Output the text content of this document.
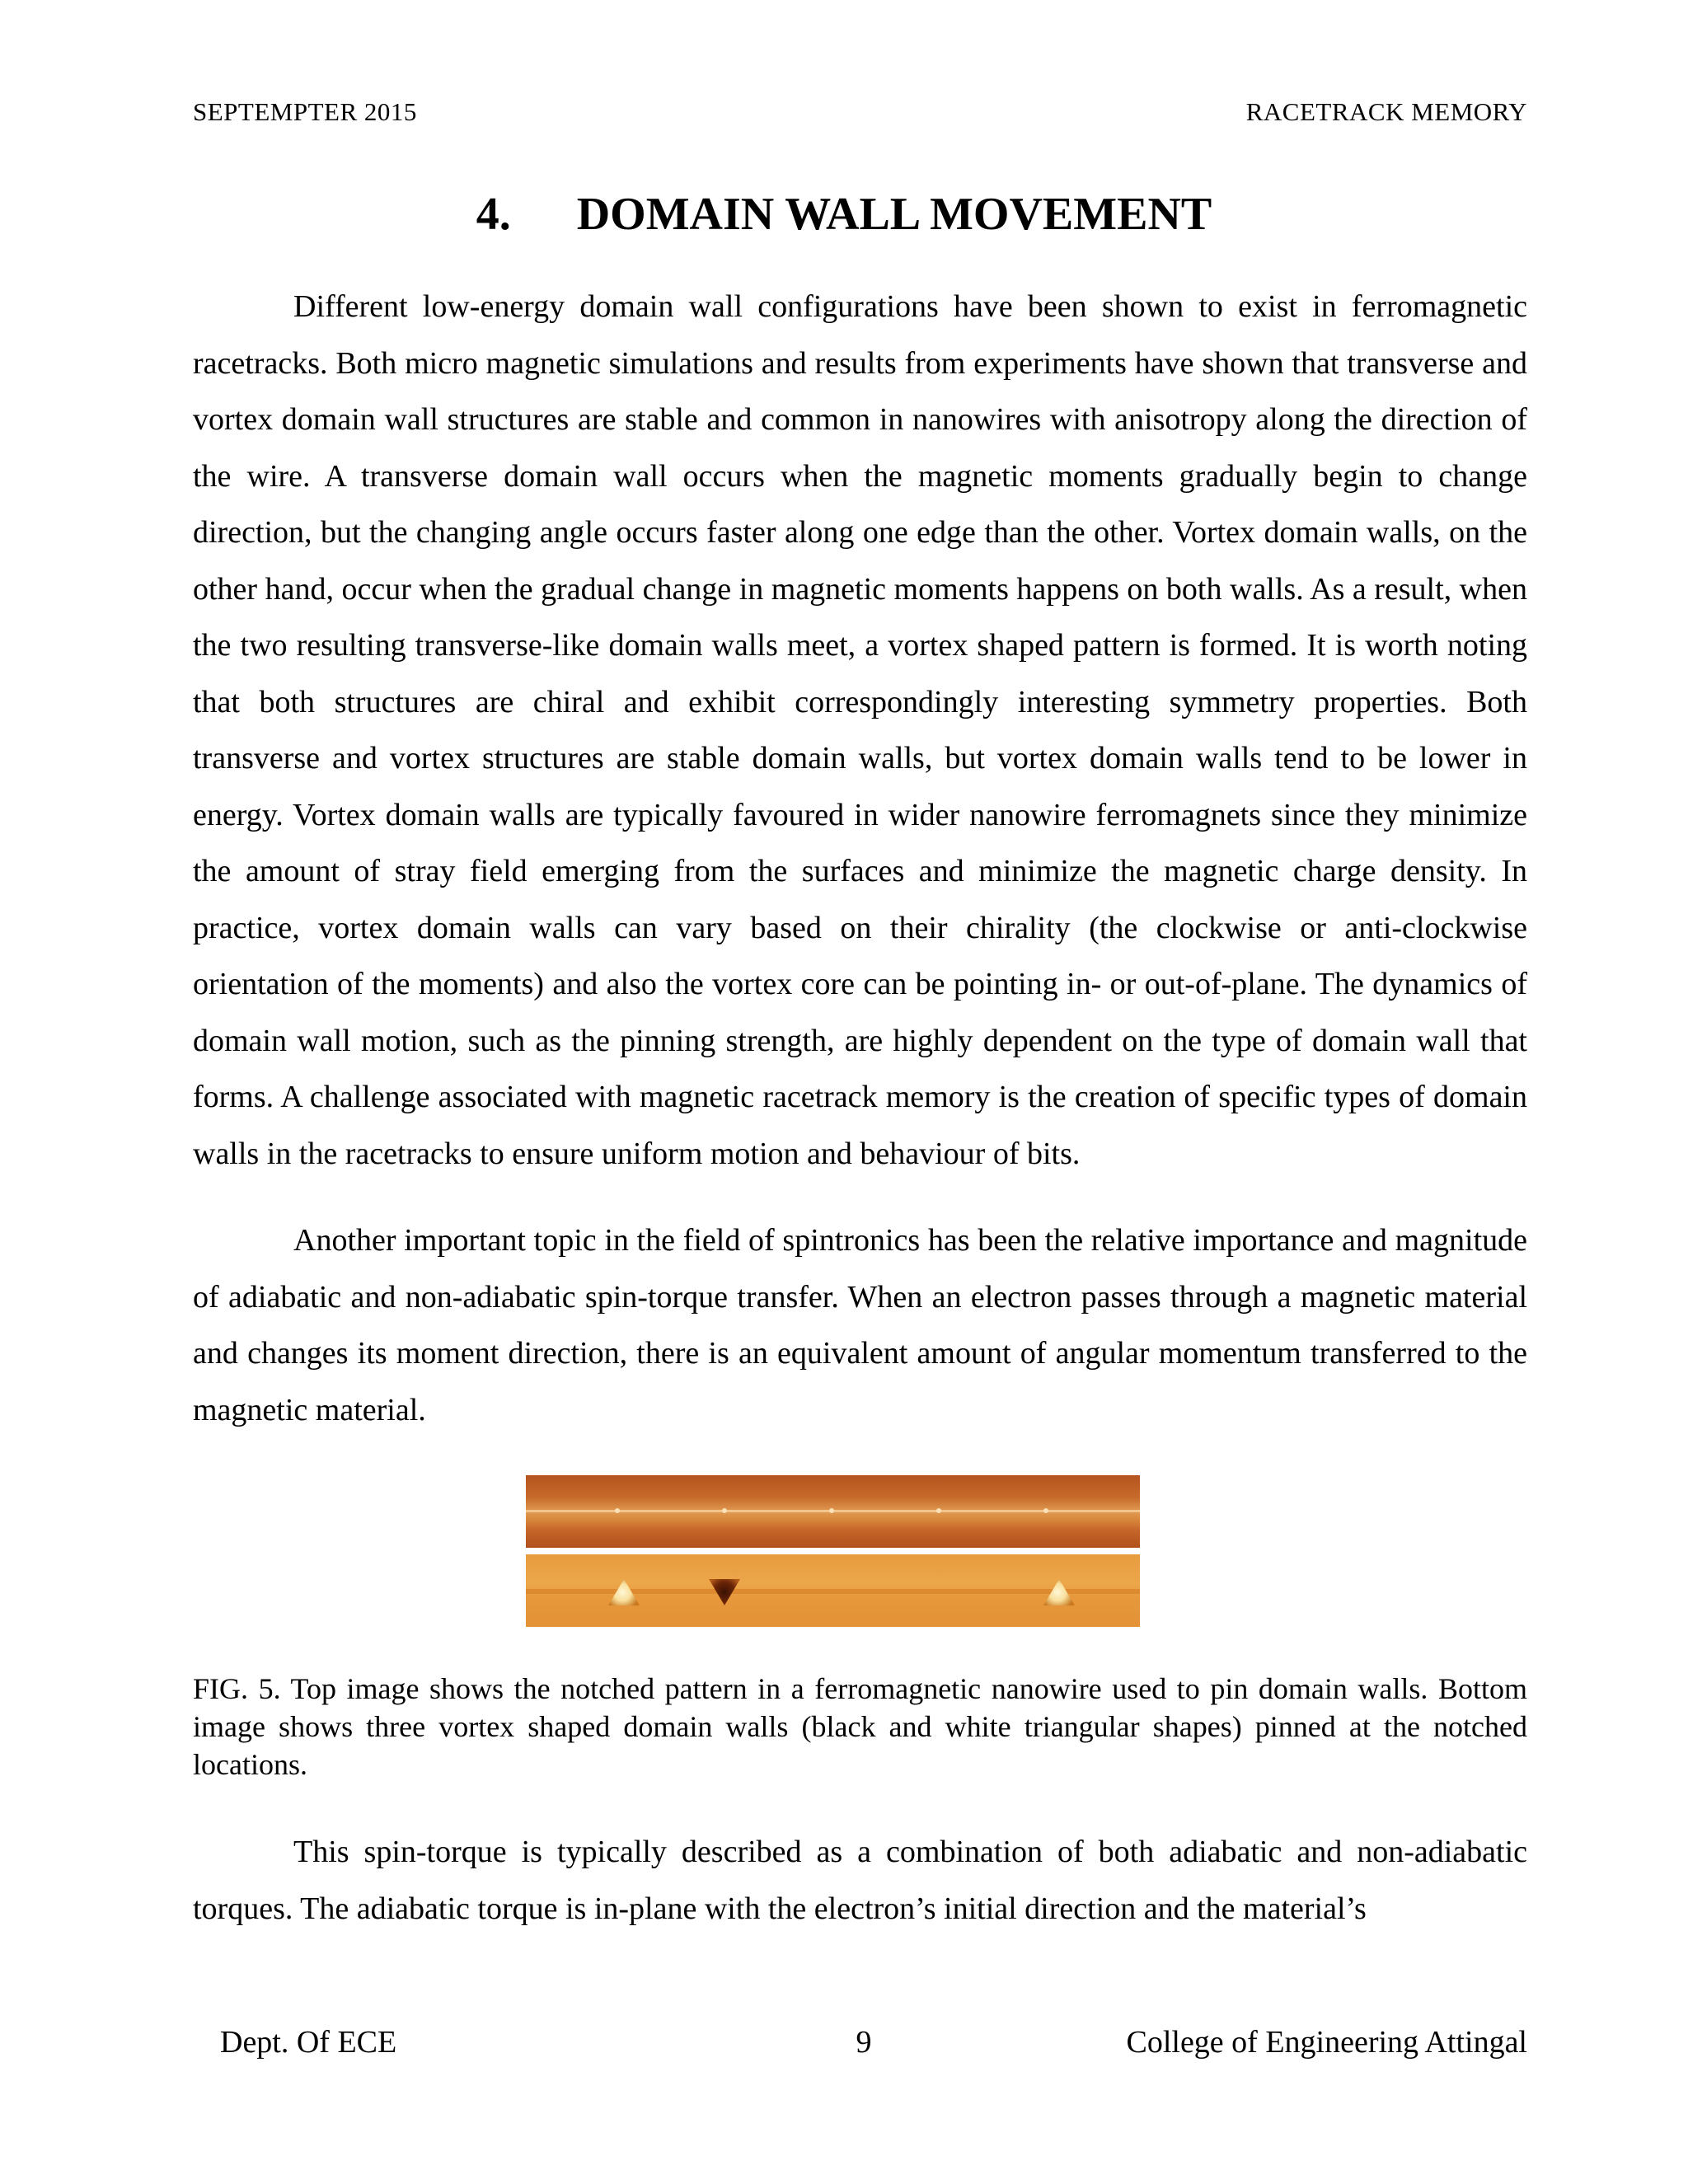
SEPTEMPTER 2015	RACETRACK MEMORY
4. DOMAIN WALL MOVEMENT

Different low-energy domain wall configurations have been shown to exist in ferromagnetic racetracks. Both micro magnetic simulations and results from experiments have shown that transverse and vortex domain wall structures are stable and common in nanowires with anisotropy along the direction of the wire. A transverse domain wall occurs when the magnetic moments gradually begin to change direction, but the changing angle occurs faster along one edge than the other. Vortex domain walls, on the other hand, occur when the gradual change in magnetic moments happens on both walls. As a result, when the two resulting transverse-like domain walls meet, a vortex shaped pattern is formed. It is worth noting that both structures are chiral and exhibit correspondingly interesting symmetry properties. Both transverse and vortex structures are stable domain walls, but vortex domain walls tend to be lower in energy. Vortex domain walls are typically favoured in wider nanowire ferromagnets since they minimize the amount of stray field emerging from the surfaces and minimize the magnetic charge density. In practice, vortex domain walls can vary based on their chirality (the clockwise or anti-clockwise orientation of the moments) and also the vortex core can be pointing in- or out-of-plane. The dynamics of domain wall motion, such as the pinning strength, are highly dependent on the type of domain wall that forms. A challenge associated with magnetic racetrack memory is the creation of specific types of domain walls in the racetracks to ensure uniform motion and behaviour of bits.

Another important topic in the field of spintronics has been the relative importance and magnitude of adiabatic and non-adiabatic spin-torque transfer. When an electron passes through a magnetic material and changes its moment direction, there is an equivalent amount of angular momentum transferred to the magnetic material.

FIG. 5. Top image shows the notched pattern in a ferromagnetic nanowire used to pin domain walls. Bottom image shows three vortex shaped domain walls (black and white triangular shapes) pinned at the notched locations.

This spin-torque is typically described as a combination of both adiabatic and non-adiabatic torques. The adiabatic torque is in-plane with the electron’s initial direction and the material’s

Dept. Of ECE	9	College of Engineering Attingal
